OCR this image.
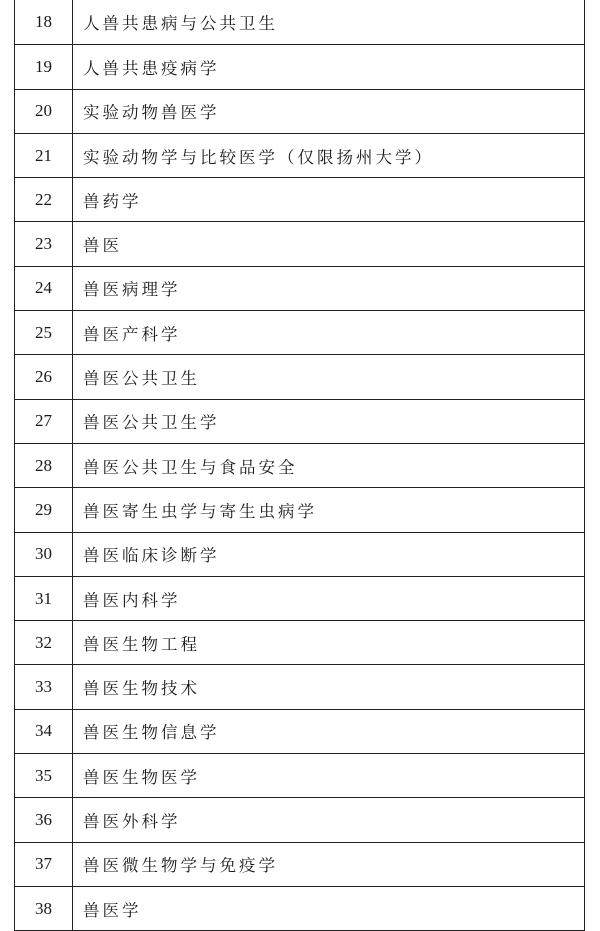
18	人兽共患病与公共卫生
19	人兽共患疫病学
20	实验动物兽医学
21	实验动物学与比较医学（仅限扬州大学）
22	兽药学
23	兽医
24	兽医病理学
25	兽医产科学
26	兽医公共卫生
27	兽医公共卫生学
28	兽医公共卫生与食品安全
29	兽医寄生虫学与寄生虫病学
30	兽医临床诊断学
31	兽医内科学
32	兽医生物工程
33	兽医生物技术
34	兽医生物信息学
35	兽医生物医学
36	兽医外科学
37	兽医微生物学与免疫学
38	兽医学
